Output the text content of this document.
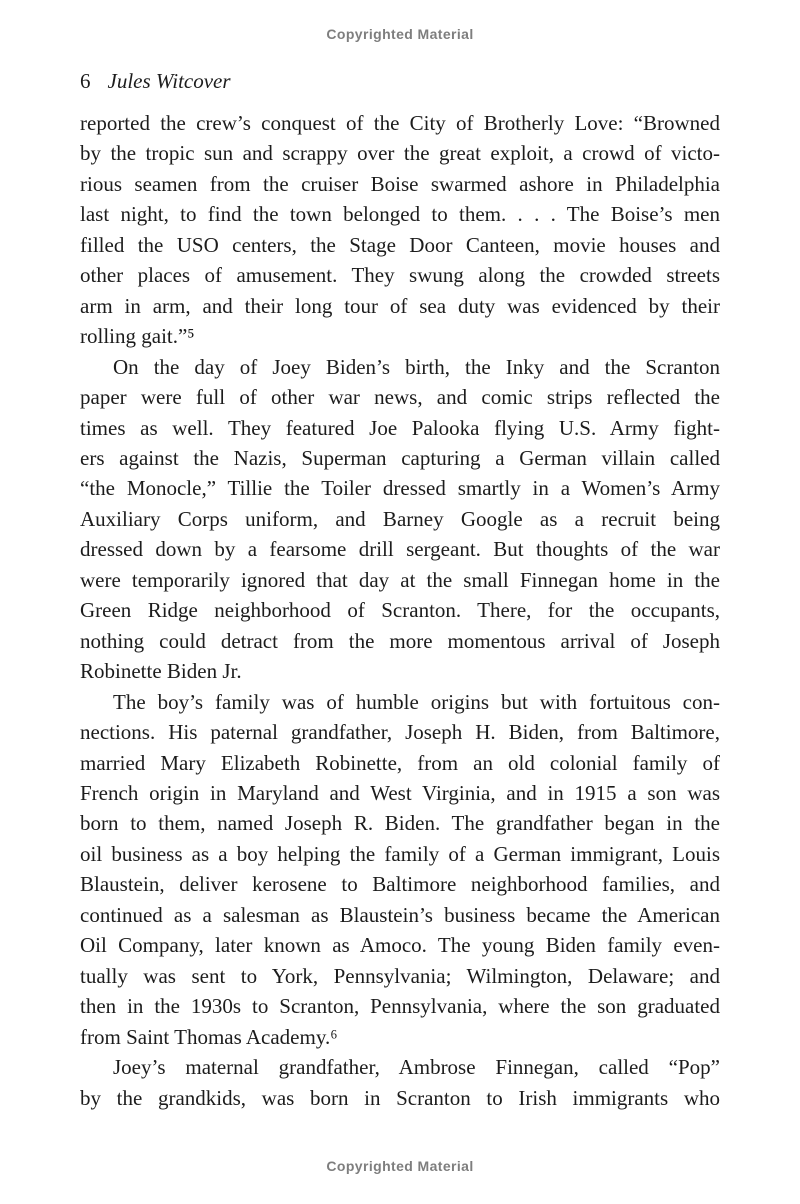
Copyrighted Material
6 Jules Witcover
reported the crew’s conquest of the City of Brotherly Love: “Browned
by the tropic sun and scrappy over the great exploit, a crowd of victo-
rious seamen from the cruiser Boise swarmed ashore in Philadelphia
last night, to find the town belonged to them. . . . The Boise’s men
filled the USO centers, the Stage Door Canteen, movie houses and
other places of amusement. They swung along the crowded streets
arm in arm, and their long tour of sea duty was evidenced by their
rolling gait.”⁵
On the day of Joey Biden’s birth, the Inky and the Scranton
paper were full of other war news, and comic strips reflected the
times as well. They featured Joe Palooka flying U.S. Army fight-
ers against the Nazis, Superman capturing a German villain called
“the Monocle,” Tillie the Toiler dressed smartly in a Women’s Army
Auxiliary Corps uniform, and Barney Google as a recruit being
dressed down by a fearsome drill sergeant. But thoughts of the war
were temporarily ignored that day at the small Finnegan home in the
Green Ridge neighborhood of Scranton. There, for the occupants,
nothing could detract from the more momentous arrival of Joseph
Robinette Biden Jr.
The boy’s family was of humble origins but with fortuitous con-
nections. His paternal grandfather, Joseph H. Biden, from Baltimore,
married Mary Elizabeth Robinette, from an old colonial family of
French origin in Maryland and West Virginia, and in 1915 a son was
born to them, named Joseph R. Biden. The grandfather began in the
oil business as a boy helping the family of a German immigrant, Louis
Blaustein, deliver kerosene to Baltimore neighborhood families, and
continued as a salesman as Blaustein’s business became the American
Oil Company, later known as Amoco. The young Biden family even-
tually was sent to York, Pennsylvania; Wilmington, Delaware; and
then in the 1930s to Scranton, Pennsylvania, where the son graduated
from Saint Thomas Academy.⁶
Joey’s maternal grandfather, Ambrose Finnegan, called “Pop”
by the grandkids, was born in Scranton to Irish immigrants who
Copyrighted Material
